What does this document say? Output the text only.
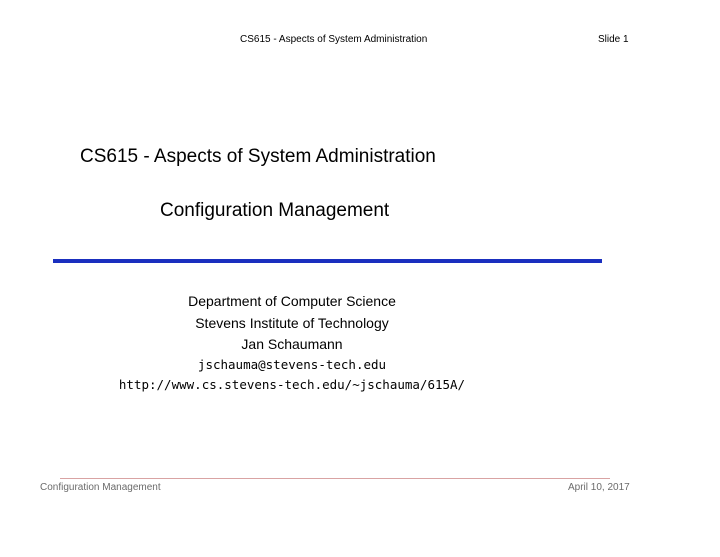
CS615 - Aspects of System Administration	Slide 1
CS615 - Aspects of System Administration
Configuration Management
Department of Computer Science
Stevens Institute of Technology
Jan Schaumann
jschauma@stevens-tech.edu
http://www.cs.stevens-tech.edu/~jschauma/615A/
Configuration Management	April 10, 2017
